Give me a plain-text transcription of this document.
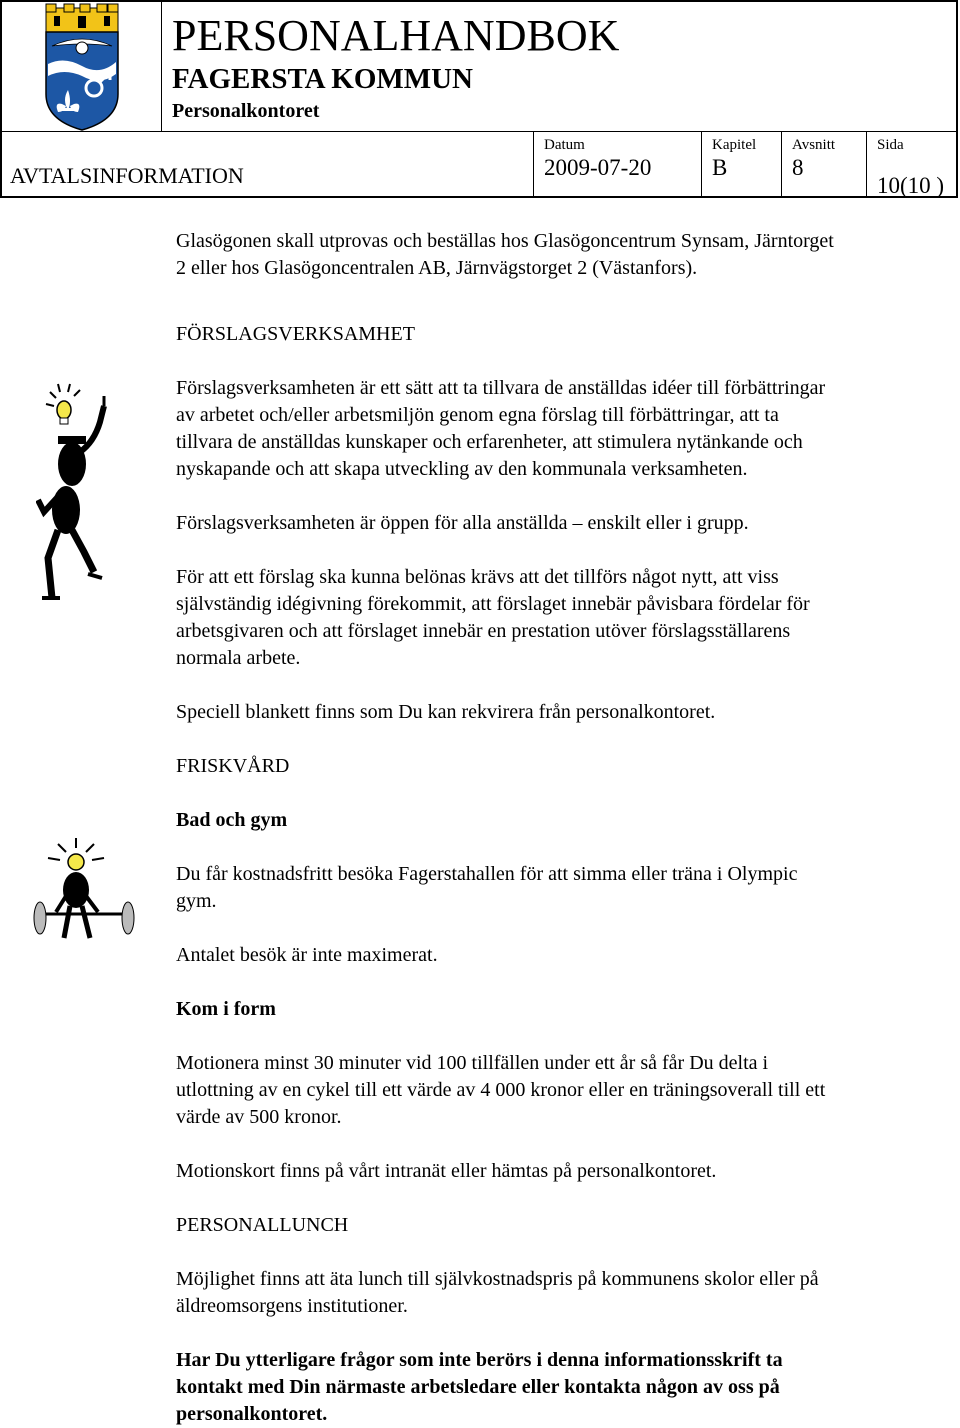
PERSONALHANDBOK
FAGERSTA KOMMUN
Personalkontoret
AVTALSINFORMATION
Datum
2009-07-20
Kapitel
B
Avsnitt
8
Sida
10(10 )
Glasögonen skall utprovas och beställas hos Glasögoncentrum Synsam, Järntorget
2 eller hos Glasögoncentralen AB, Järnvägstorget 2 (Västanfors).
FÖRSLAGSVERKSAMHET
Förslagsverksamheten är ett sätt att ta tillvara de anställdas idéer till förbättringar
av arbetet och/eller arbetsmiljön genom egna förslag till förbättringar, att ta
tillvara de anställdas kunskaper och erfarenheter, att stimulera nytänkande och
nyskapande och att skapa utveckling av den kommunala verksamheten.
Förslagsverksamheten är öppen för alla anställda – enskilt eller i grupp.
För att ett förslag ska kunna belönas krävs att det tillförs något nytt, att viss
självständig idégivning förekommit, att förslaget innebär påvisbara fördelar för
arbetsgivaren och att förslaget innebär en prestation utöver förslagsställarens
normala arbete.
Speciell blankett finns som Du kan rekvirera från personalkontoret.
FRISKVÅRD
Bad och gym
Du får kostnadsfritt besöka Fagerstahallen för att simma eller träna i Olympic
gym.
Antalet besök är inte maximerat.
Kom i form
Motionera minst 30 minuter vid 100 tillfällen under ett år så får Du delta i
utlottning av en cykel till ett värde av 4 000 kronor eller en träningsoverall till ett
värde av 500 kronor.
Motionskort finns på vårt intranät eller hämtas på personalkontoret.
PERSONALLUNCH
Möjlighet finns att äta lunch till självkostnadspris på kommunens skolor eller på
äldreomsorgens institutioner.
Har Du ytterligare frågor som inte berörs i denna informationsskrift ta
kontakt med Din närmaste arbetsledare eller kontakta någon av oss på
personalkontoret.
